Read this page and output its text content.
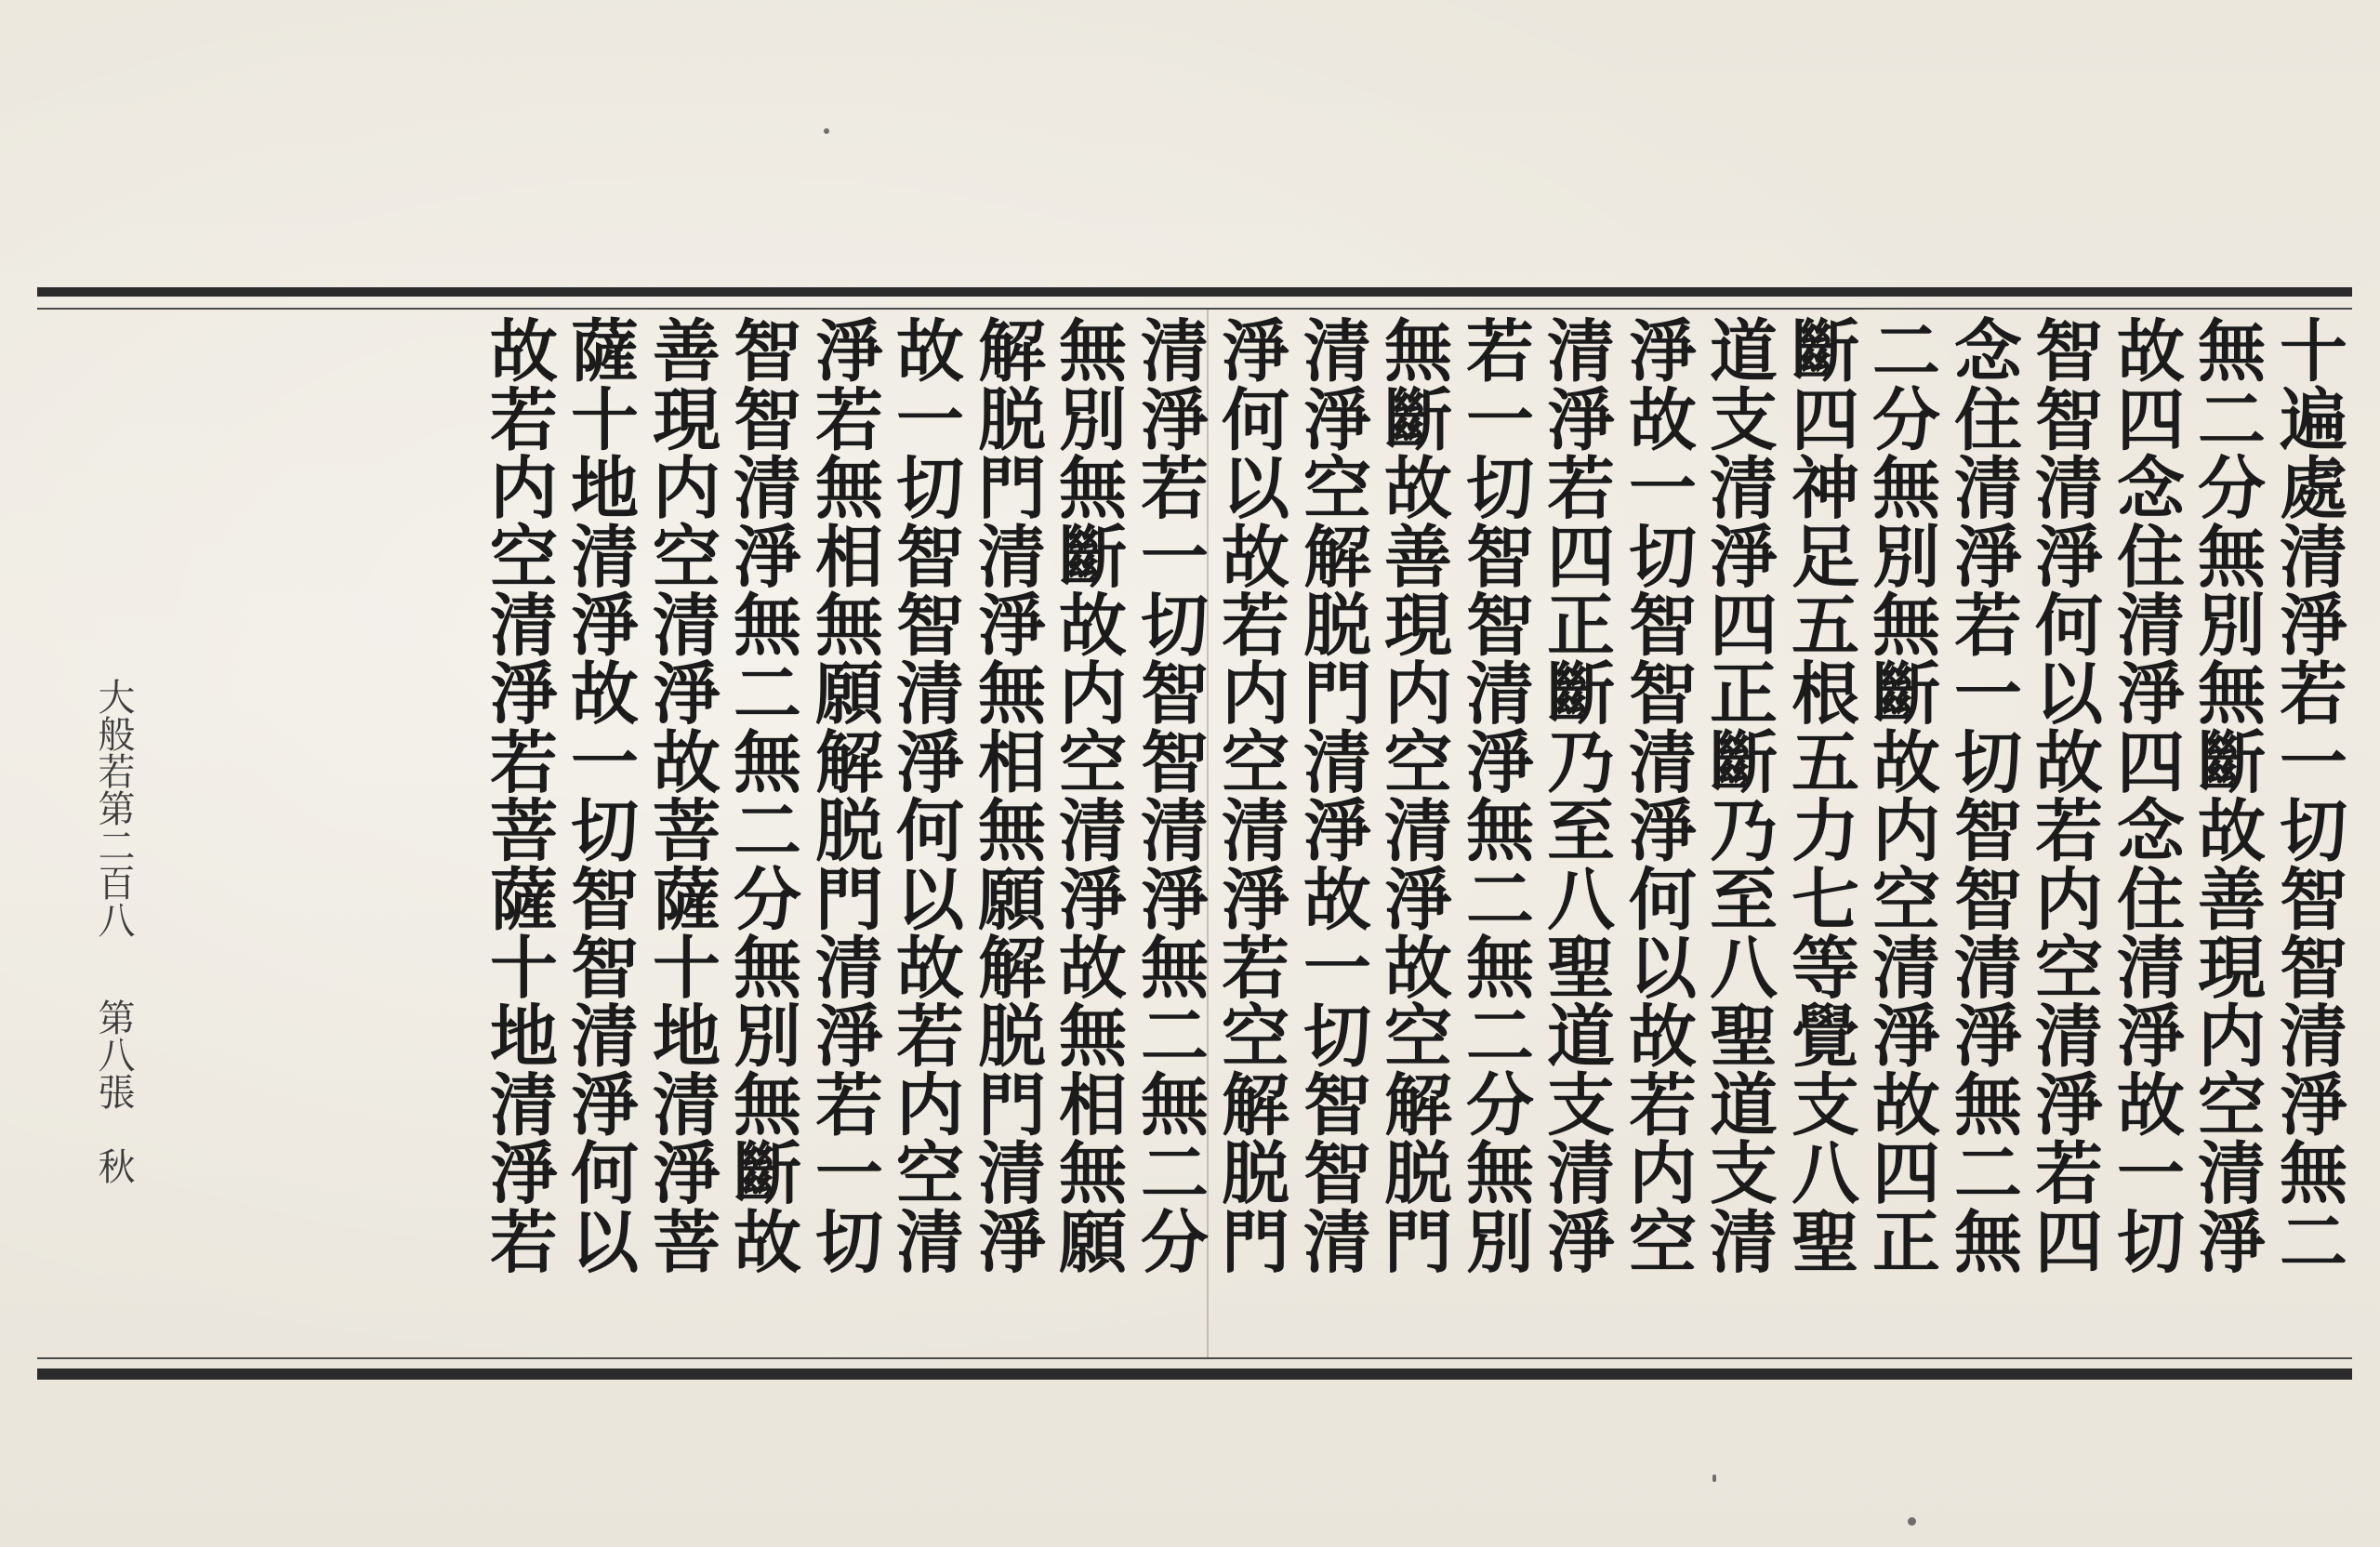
十遍處清淨若一切智智清淨無二
無二分無別無斷故善現内空清淨
故四念住清淨四念住清淨故一切
智智清淨何以故若内空清淨若四
念住清淨若一切智智清淨無二無
二分無別無斷故内空清淨故四正
斷四神足五根五力七等覺支八聖
道支清淨四正斷乃至八聖道支清
淨故一切智智清淨何以故若内空
清淨若四正斷乃至八聖道支清淨
若一切智智清淨無二無二分無別
無斷故善現内空清淨故空解脱門
清淨空解脱門清淨故一切智智清
淨何以故若内空清淨若空解脱門
清淨若一切智智清淨無二無二分
無別無斷故内空清淨故無相無願
解脱門清淨無相無願解脱門清淨
故一切智智清淨何以故若内空清
淨若無相無願解脱門清淨若一切
智智清淨無二無二分無別無斷故
善現内空清淨故菩薩十地清淨菩
薩十地清淨故一切智智清淨何以
故若内空清淨若菩薩十地清淨若
大般若第二百八
第八張
秋
